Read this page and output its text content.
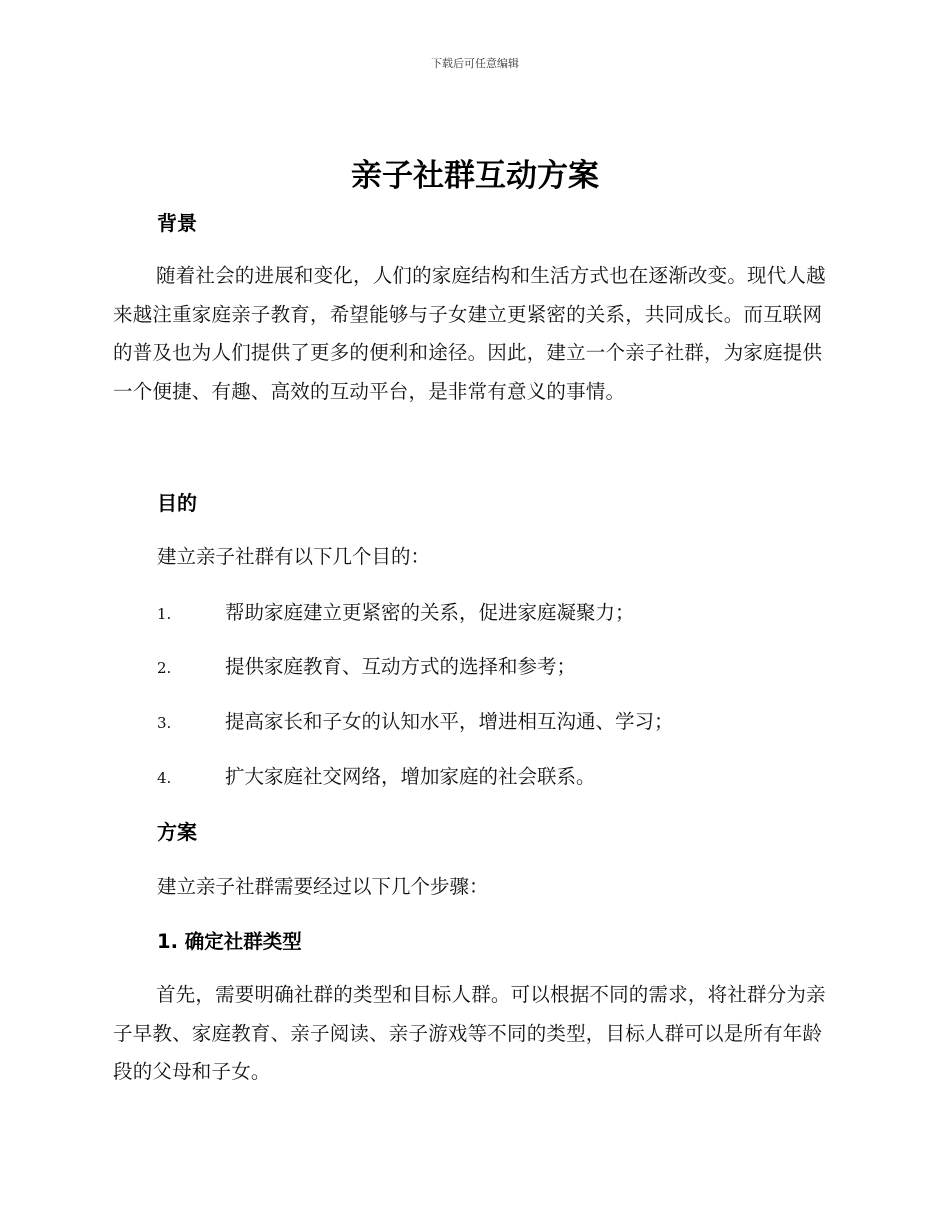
下载后可任意编辑
亲子社群互动方案
背景

随着社会的进展和变化，人们的家庭结构和生活方式也在逐渐改变。现代人越来越注重家庭亲子教育，希望能够与子女建立更紧密的关系，共同成长。而互联网的普及也为人们提供了更多的便利和途径。因此，建立一个亲子社群，为家庭提供一个便捷、有趣、高效的互动平台，是非常有意义的事情。

目的

建立亲子社群有以下几个目的：

1.	帮助家庭建立更紧密的关系，促进家庭凝聚力；
2.	提供家庭教育、互动方式的选择和参考；
3.	提高家长和子女的认知水平，增进相互沟通、学习；
4.	扩大家庭社交网络，增加家庭的社会联系。
方案

建立亲子社群需要经过以下几个步骤：

1. 确定社群类型

首先，需要明确社群的类型和目标人群。可以根据不同的需求，将社群分为亲子早教、家庭教育、亲子阅读、亲子游戏等不同的类型，目标人群可以是所有年龄段的父母和子女。
